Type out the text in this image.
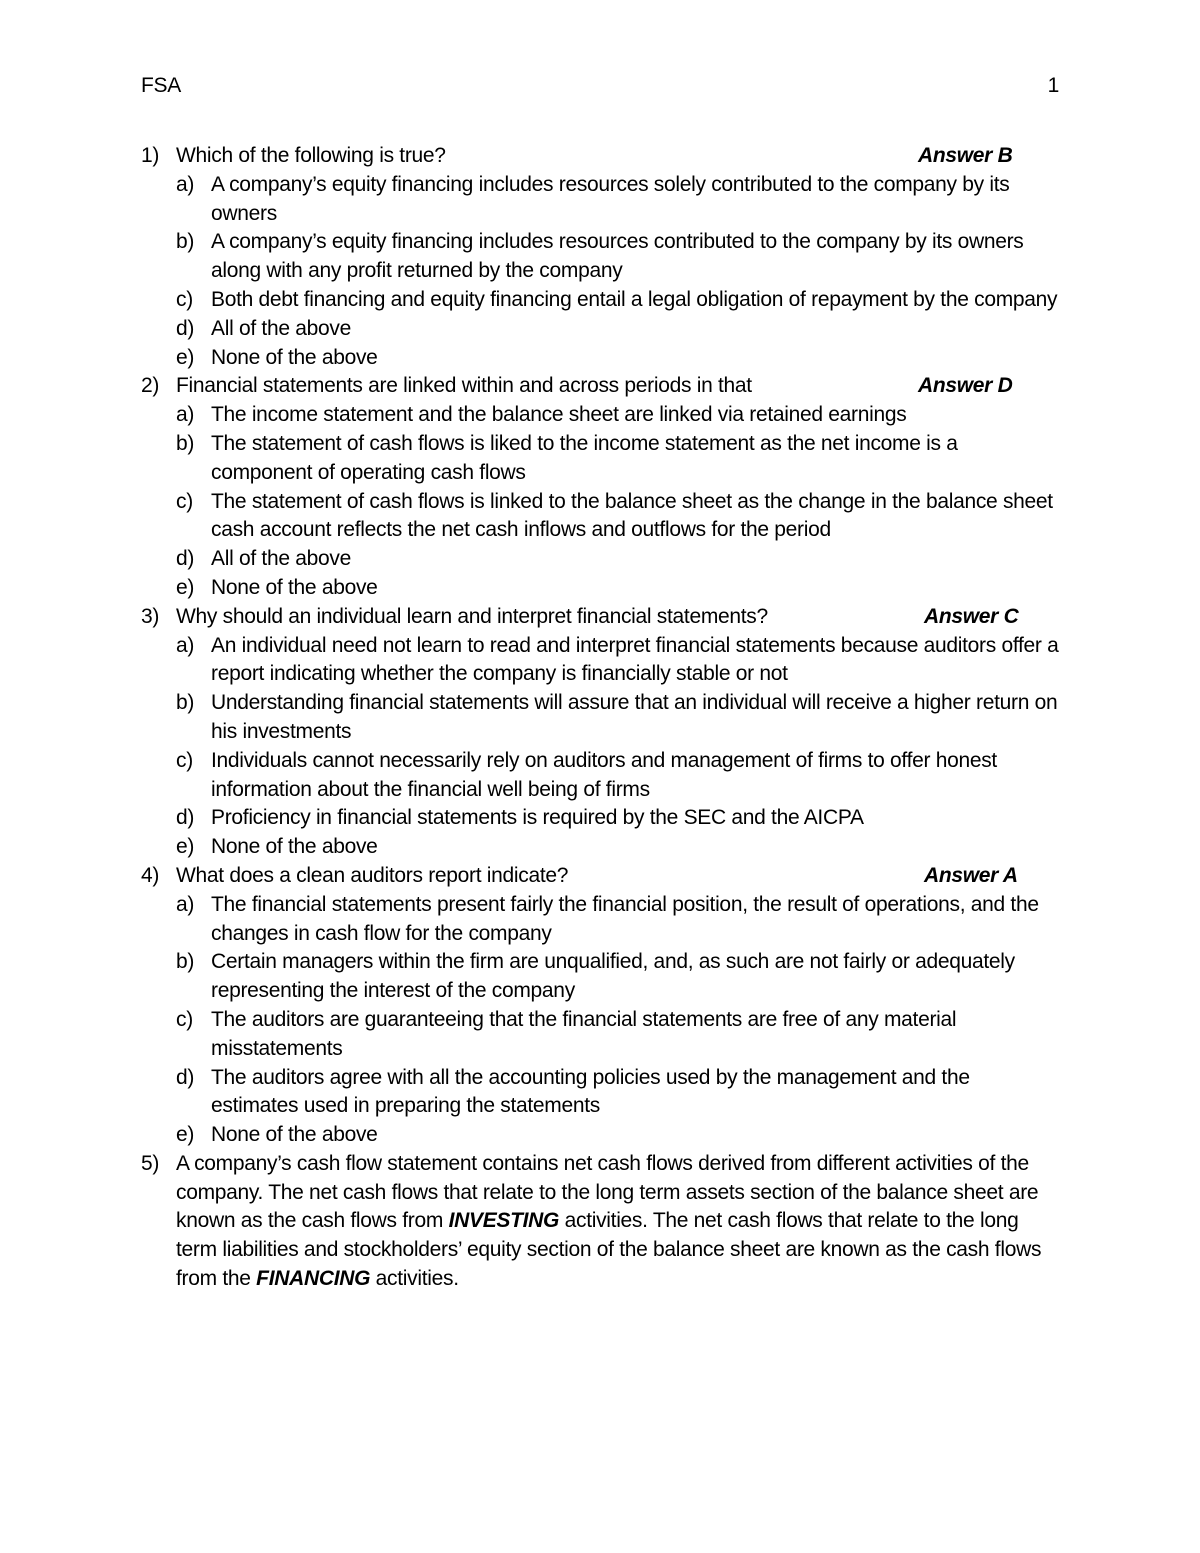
FSA	1
1) Which of the following is true?	Answer B
a) A company’s equity financing includes resources solely contributed to the company by its owners
b) A company’s equity financing includes resources contributed to the company by its owners along with any profit returned by the company
c) Both debt financing and equity financing entail a legal obligation of repayment by the company
d) All of the above
e) None of the above
2) Financial statements are linked within and across periods in that	Answer D
a) The income statement and the balance sheet are linked via retained earnings
b) The statement of cash flows is liked to the income statement as the net income is a component of operating cash flows
c) The statement of cash flows is linked to the balance sheet as the change in the balance sheet cash account reflects the net cash inflows and outflows for the period
d) All of the above
e) None of the above
3) Why should an individual learn and interpret financial statements?	Answer C
a) An individual need not learn to read and interpret financial statements because auditors offer a report indicating whether the company is financially stable or not
b) Understanding financial statements will assure that an individual will receive a higher return on his investments
c) Individuals cannot necessarily rely on auditors and management of firms to offer honest information about the financial well being of firms
d) Proficiency in financial statements is required by the SEC and the AICPA
e) None of the above
4) What does a clean auditors report indicate?	Answer A
a) The financial statements present fairly the financial position, the result of operations, and the changes in cash flow for the company
b) Certain managers within the firm are unqualified, and, as such are not fairly or adequately representing the interest of the company
c) The auditors are guaranteeing that the financial statements are free of any material misstatements
d) The auditors agree with all the accounting policies used by the management and the estimates used in preparing the statements
e) None of the above
5) A company’s cash flow statement contains net cash flows derived from different activities of the company. The net cash flows that relate to the long term assets section of the balance sheet are known as the cash flows from INVESTING activities. The net cash flows that relate to the long term liabilities and stockholders’ equity section of the balance sheet are known as the cash flows from the FINANCING activities.
